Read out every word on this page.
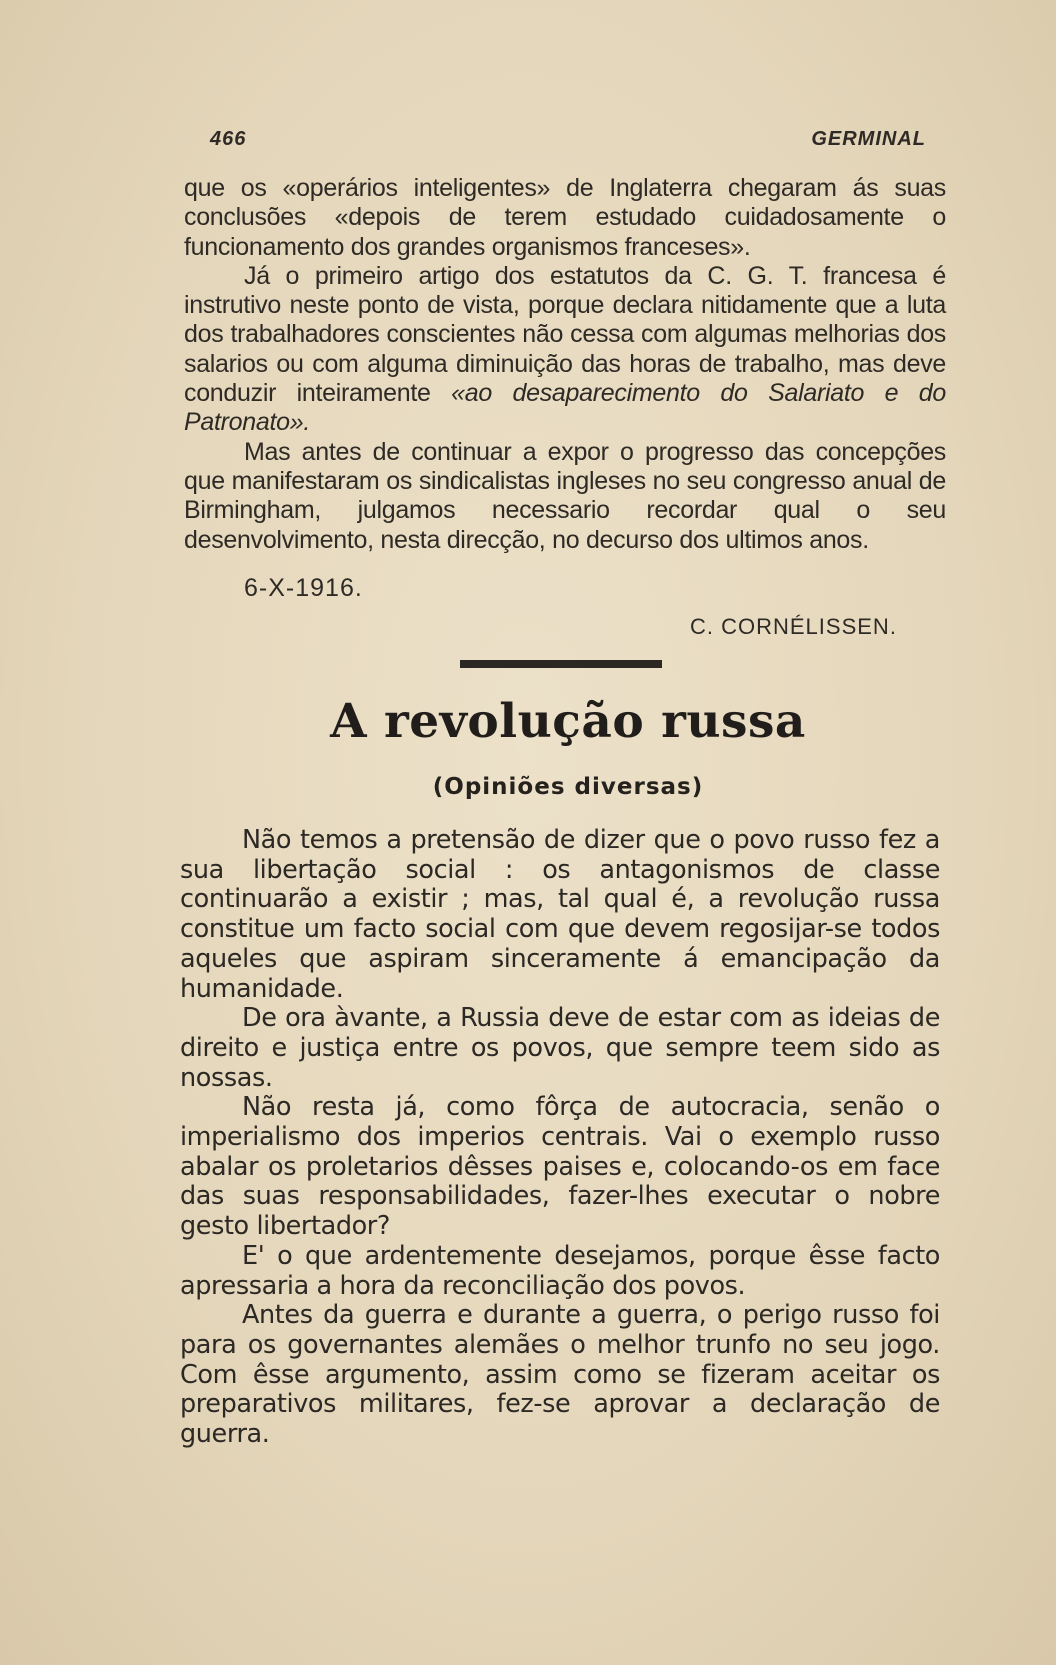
466	GERMINAL

que os «operários inteligentes» de Inglaterra chegaram ás suas conclusões «depois de terem estudado cuidadosamente o funcionamento dos grandes organismos franceses».

Já o primeiro artigo dos estatutos da C. G. T. francesa é instrutivo neste ponto de vista, porque declara nitidamente que a luta dos trabalhadores conscientes não cessa com algumas melhorias dos salarios ou com alguma diminuição das horas de trabalho, mas deve conduzir inteiramente «ao desaparecimento do Salariato e do Patronato».

Mas antes de continuar a expor o progresso das concepções que manifestaram os sindicalistas ingleses no seu congresso anual de Birmingham, julgamos necessario recordar qual o seu desenvolvimento, nesta direcção, no decurso dos ultimos anos.

6-X-1916.
C. CORNÉLISSEN.
A revolução russa
(Opiniões diversas)

Não temos a pretensão de dizer que o povo russo fez a sua libertação social : os antagonismos de classe continuarão a existir ; mas, tal qual é, a revolução russa constitue um facto social com que devem regosijar-se todos aqueles que aspiram sinceramente á emancipação da humanidade.

De ora àvante, a Russia deve de estar com as ideias de direito e justiça entre os povos, que sempre teem sido as nossas.

Não resta já, como fôrça de autocracia, senão o imperialismo dos imperios centrais. Vai o exemplo russo abalar os proletarios dêsses paises e, colocando-os em face das suas responsabilidades, fazer-lhes executar o nobre gesto libertador?

E' o que ardentemente desejamos, porque êsse facto apressaria a hora da reconciliação dos povos.

Antes da guerra e durante a guerra, o perigo russo foi para os governantes alemães o melhor trunfo no seu jogo. Com êsse argumento, assim como se fizeram aceitar os preparativos militares, fez-se aprovar a declaração de guerra.
